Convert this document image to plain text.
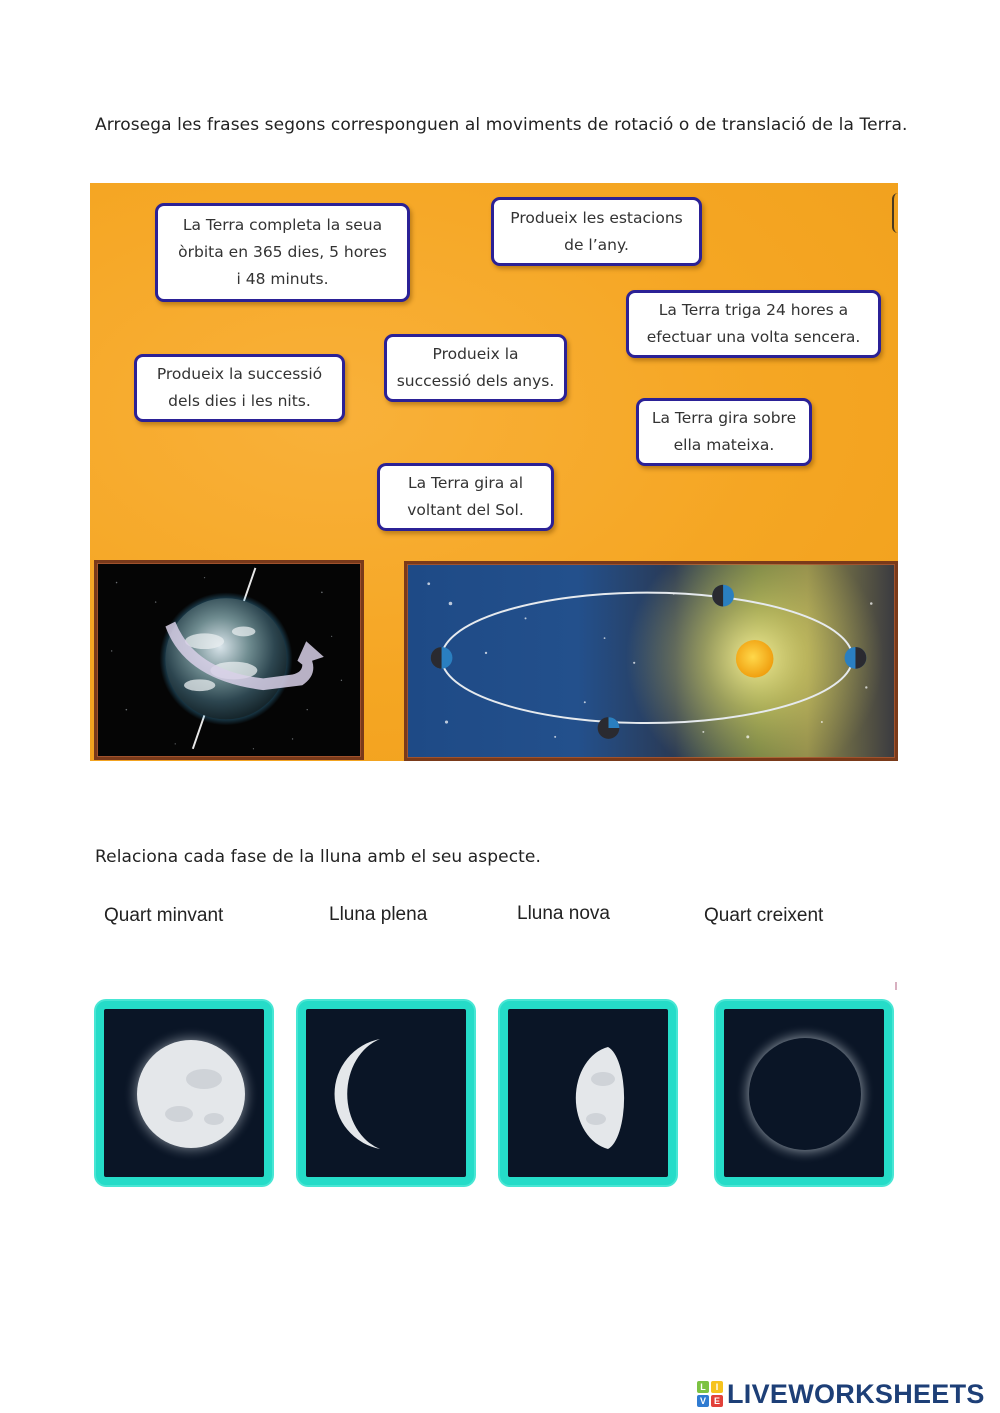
Arrosega les frases segons corresponguen al moviments de rotació o de translació de la Terra.
La Terra completa la seua
òrbita en 365 dies, 5 hores
i 48 minuts.
Produeix les estacions
de l’any.
La Terra triga 24 hores a
efectuar una volta sencera.
Produeix la successió
dels dies i les nits.
Produeix la
successió dels anys.
La Terra gira sobre
ella mateixa.
La Terra gira al
voltant del Sol.
Relaciona cada fase de la lluna amb el seu aspecte.
Quart minvant	Lluna plena	Lluna nova	Quart creixent
L	I
V E LIVEWORKSHEETS
